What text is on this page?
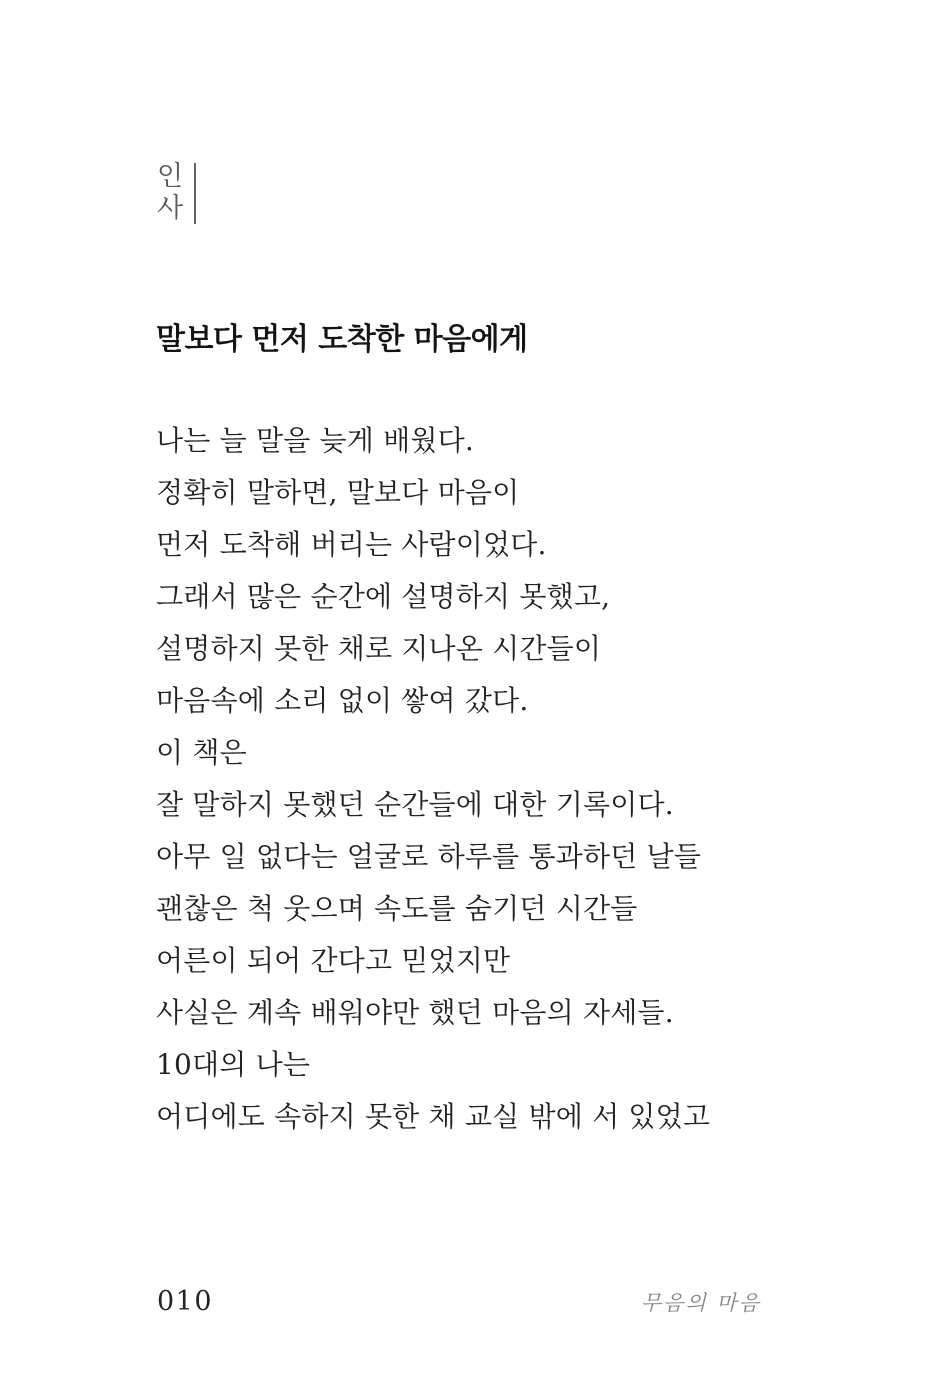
인
사
말보다 먼저 도착한 마음에게

나는 늘 말을 늦게 배웠다.

정확히 말하면, 말보다 마음이

먼저 도착해 버리는 사람이었다.

그래서 많은 순간에 설명하지 못했고,

설명하지 못한 채로 지나온 시간들이

마음속에 소리 없이 쌓여 갔다.

이 책은

잘 말하지 못했던 순간들에 대한 기록이다.

아무 일 없다는 얼굴로 하루를 통과하던 날들

괜찮은 척 웃으며 속도를 숨기던 시간들

어른이 되어 간다고 믿었지만

사실은 계속 배워야만 했던 마음의 자세들.

10대의 나는

어디에도 속하지 못한 채 교실 밖에 서 있었고

010	무음의 마음
